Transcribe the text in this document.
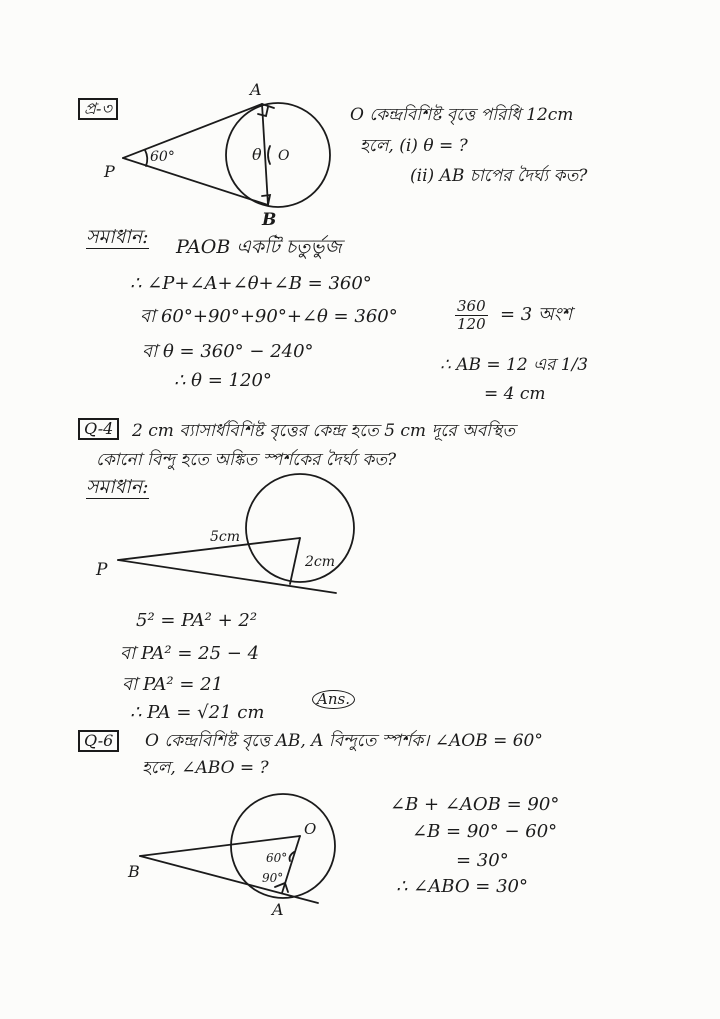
প্র-৩
A
B
P
60°	θ O
O কেন্দ্রবিশিষ্ট বৃত্তে পরিধি 12cm
হলে, (i) θ = ?
(ii) AB চাপের দৈর্ঘ্য কত?
সমাধান: PAOB একটি চতুর্ভুজ
∴ ∠P+∠A+∠θ+∠B = 360°
বা 60°+90°+90°+∠θ = 360°
বা θ = 360° − 240°
∴ θ = 120°
$\frac{360}{120} = 3$ অংশ
∴ AB = 12 এর 1/3
= 4 cm
Q-4	2 cm ব্যাসার্ধবিশিষ্ট বৃত্তের কেন্দ্র হতে 5 cm দূরে অবস্থিত
কোনো বিন্দু হতে অঙ্কিত স্পর্শকের দৈর্ঘ্য কত?
সমাধান:
5cm
2cm
P
5² = PA² + 2²
বা PA² = 25 − 4
বা PA² = 21
∴ PA = √21 cm
Ans.
Q-6	O কেন্দ্রবিশিষ্ট বৃত্তে AB, A বিন্দুতে স্পর্শক। ∠AOB = 60°
হলে, ∠ABO = ?
O
B
A
60°
90°
∠B + ∠AOB = 90°
∠B = 90° − 60°
= 30°
∴ ∠ABO = 30°
